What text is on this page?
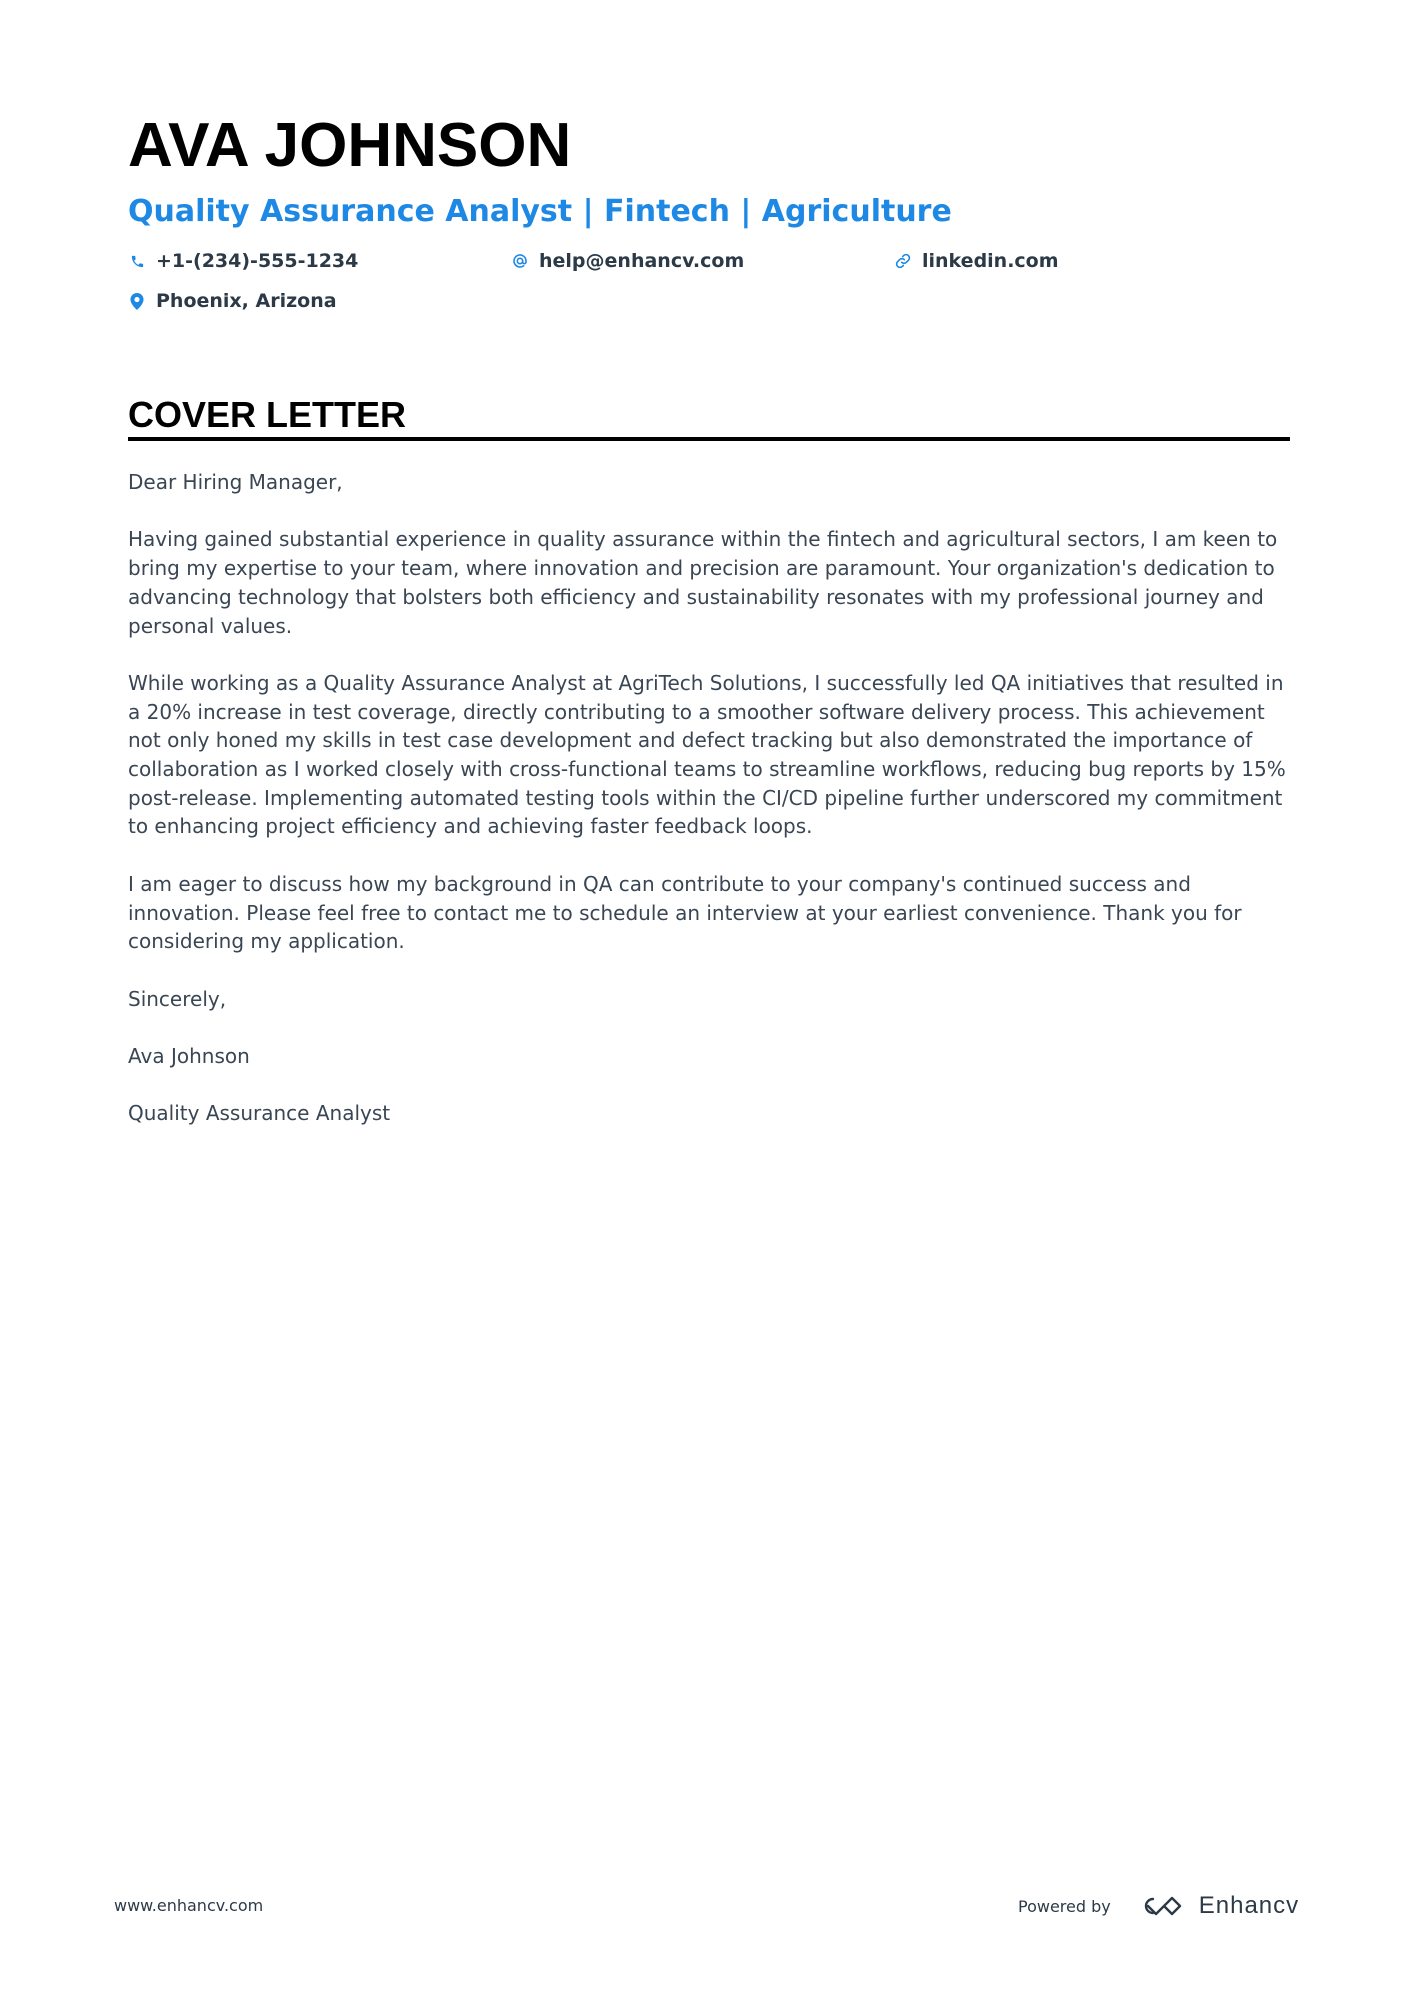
AVA JOHNSON
Quality Assurance Analyst | Fintech | Agriculture
+1-(234)-555-1234	help@enhancv.com	linkedin.com
Phoenix, Arizona
COVER LETTER

Dear Hiring Manager,

Having gained substantial experience in quality assurance within the fintech and agricultural sectors, I am keen to bring my expertise to your team, where innovation and precision are paramount. Your organization's dedication to advancing technology that bolsters both efficiency and sustainability resonates with my professional journey and personal values.

While working as a Quality Assurance Analyst at AgriTech Solutions, I successfully led QA initiatives that resulted in a 20% increase in test coverage, directly contributing to a smoother software delivery process. This achievement not only honed my skills in test case development and defect tracking but also demonstrated the importance of collaboration as I worked closely with cross-functional teams to streamline workflows, reducing bug reports by 15% post-release. Implementing automated testing tools within the CI/CD pipeline further underscored my commitment to enhancing project efficiency and achieving faster feedback loops.

I am eager to discuss how my background in QA can contribute to your company's continued success and innovation. Please feel free to contact me to schedule an interview at your earliest convenience. Thank you for considering my application.

Sincerely,

Ava Johnson

Quality Assurance Analyst

www.enhancv.com	Powered by	Enhancv
